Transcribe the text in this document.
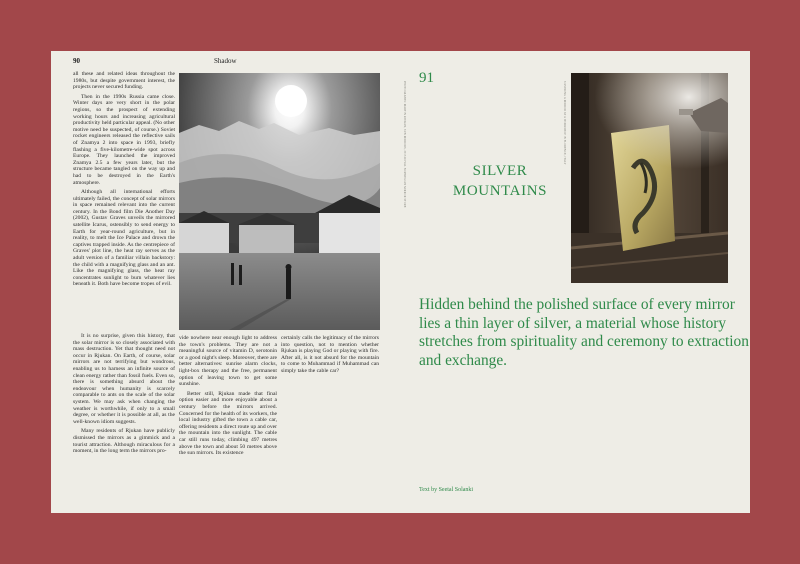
90	Shadow

all these and related ideas throughout the 1980s, but despite government interest, the projects never secured funding.

Then in the 1990s Russia came close. Winter days are very short in the polar regions, so the prospect of extending working hours and increasing agricultural productivity held particular appeal. (No other motive need be suspected, of course.) Soviet rocket engineers released the reflective sails of Znamya 2 into space in 1993, briefly flashing a five-kilometre-wide spot across Europe. They launched the improved Znamya 2.5 a few years later, but the structure became tangled on the way up and had to be destroyed in the Earth's atmosphere.

Although all international efforts ultimately failed, the concept of solar mirrors in space remained relevant into the current century. In the Bond film Die Another Day (2002), Gustav Graves unveils the mirrored satellite Icarus, ostensibly to send energy to Earth for year-round agriculture, but in reality, to melt the Ice Palace and drown the captives trapped inside. As the centrepiece of Graves' plot line, the heat ray serves as the adult version of a familiar villain backstory: the child with a magnifying glass and an ant. Like the magnifying glass, the heat ray concentrates sunlight to burn whatever lies beneath it. Both have become tropes of evil.

It is no surprise, given this history, that the solar mirror is so closely associated with mass destruction. Yet that thought need not occur in Rjukan. On Earth, of course, solar mirrors are not terrifying but wondrous, enabling us to harness an infinite source of clean energy rather than fossil fuels. Even so, there is something absurd about the endeavour when humanity is scarcely comparable to ants on the scale of the solar system. We may ask when changing the weather is worthwhile, if only to a small degree, or whether it is possible at all, as the well-known idiom suggests.

Many residents of Rjukan have publicly dismissed the mirrors as a gimmick and a tourist attraction. Although miraculous for a moment, in the long term the mirrors pro-

vide nowhere near enough light to address the town's problems. They are not a meaningful source of vitamin D, serotonin or a good night's sleep. Moreover, there are better alternatives: sunrise alarm clocks, light-box therapy and the free, permanent option of leaving town to get some sunshine.

Better still, Rjukan made that final option easier and more enjoyable about a century before the mirrors arrived. Concerned for the health of its workers, the local industry gifted the town a cable car, offering residents a direct route up and over the mountain into the sunlight. The cable car still runs today, climbing 497 metres above the town and about 50 metres above the sun mirrors. Its existence

certainly calls the legitimacy of the mirrors into question, not to mention whether Rjukan is playing God or playing with fire. After all, is it not absurd for the mountain to come to Muhammad if Muhammad can simply take the cable car?

91
PHOTOGRAPHS: MARTIN RJUKAN, SUN MIRRORS, 2013 ROYAL NORWEGIAN MIRROR STORE	SILVERING A MIRROR AT A WORKSHOP IN FLORENCE, ITALY
SILVER
MOUNTAINS
Hidden behind the polished surface of every mirror lies a thin layer of silver, a material whose history stretches from spirituality and ceremony to extraction and exchange.
Text by Seetal Solanki
